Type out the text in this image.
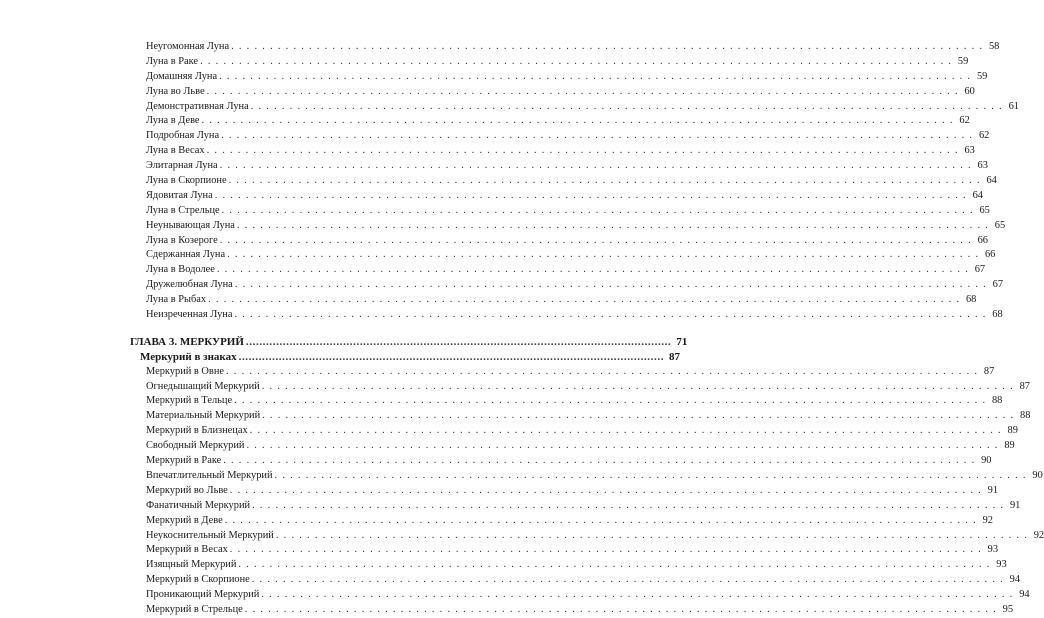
Неугомонная Луна . . .	58
Луна в Раке . . .	59
Домашняя Луна . . .	59
Луна во Льве . . .	60
Демонстративная Луна . . .	61
Луна в Деве . . .	62
Подробная Луна . . .	62
Луна в Весах . . .	63
Элитарная Луна . . .	63
Луна в Скорпионе . . .	64
Ядовитая Луна . . .	64
Луна в Стрельце . . .	65
Неунывающая Луна . . .	65
Луна в Козероге . . .	66
Сдержанная Луна . . .	66
Луна в Водолее . . .	67
Дружелюбная Луна . . .	67
Луна в Рыбах . . .	68
Неизреченная Луна . . .	68
ГЛАВА 3. МЕРКУРИЙ .....	71
Меркурий в знаках .....	87
Меркурий в Овне . . .	87
Огнедышащий Меркурий . . .	87
Меркурий в Тельце . . .	88
Материальный Меркурий . . .	88
Меркурий в Близнецах . . .	89
Свободный Меркурий . . .	89
Меркурий в Раке . . .	90
Впечатлительный Меркурий . . .	90
Меркурий во Льве . . .	91
Фанатичный Меркурий . . .	91
Меркурий в Деве . . .	92
Неукоснительный Меркурий . . .	92
Меркурий в Весах . . .	93
Изящный Меркурий . . .	93
Меркурий в Скорпионе . . .	94
Проникающий Меркурий . . .	94
Меркурий в Стрельце . . .	95
